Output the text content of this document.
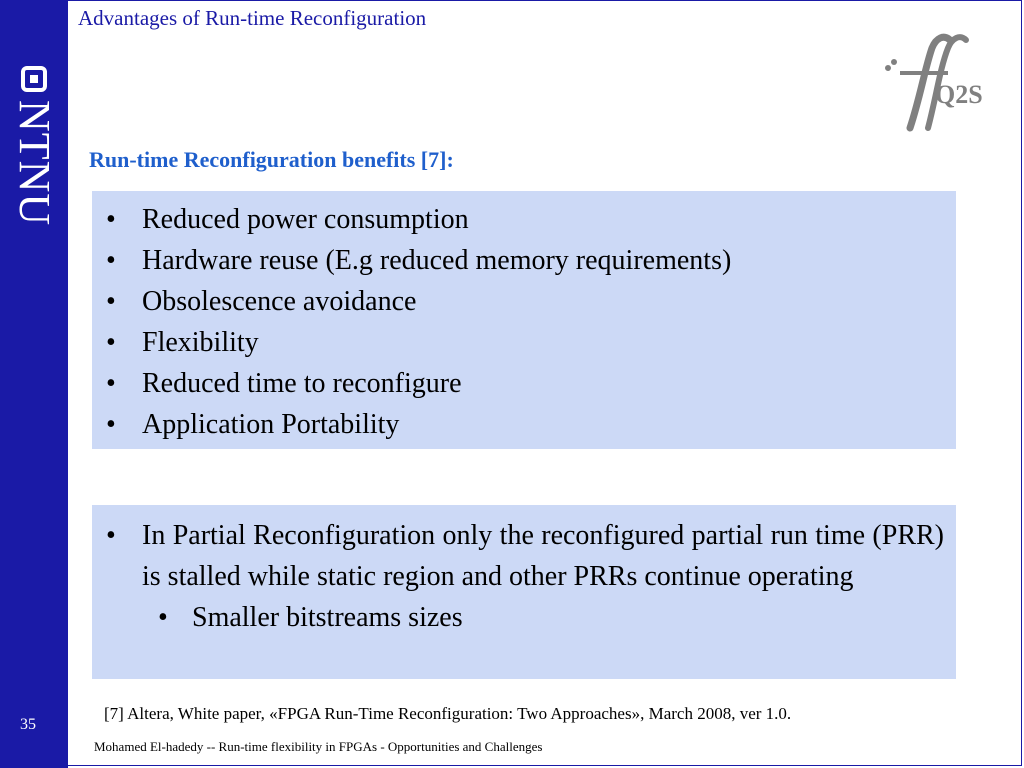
NTNU
35
Advantages of Run-time Reconfiguration
Q2S
Run-time Reconfiguration benefits [7]:
• Reduced power consumption
• Hardware reuse (E.g reduced memory requirements)
• Obsolescence avoidance
• Flexibility
• Reduced time to reconfigure
• Application Portability
• In Partial Reconfiguration only the reconfigured partial run time (PRR) is stalled while static region and other PRRs continue operating
• Smaller bitstreams sizes
[7] Altera, White paper, «FPGA Run-Time Reconfiguration: Two Approaches», March 2008, ver 1.0.
Mohamed El-hadedy -- Run-time flexibility in FPGAs - Opportunities and Challenges
